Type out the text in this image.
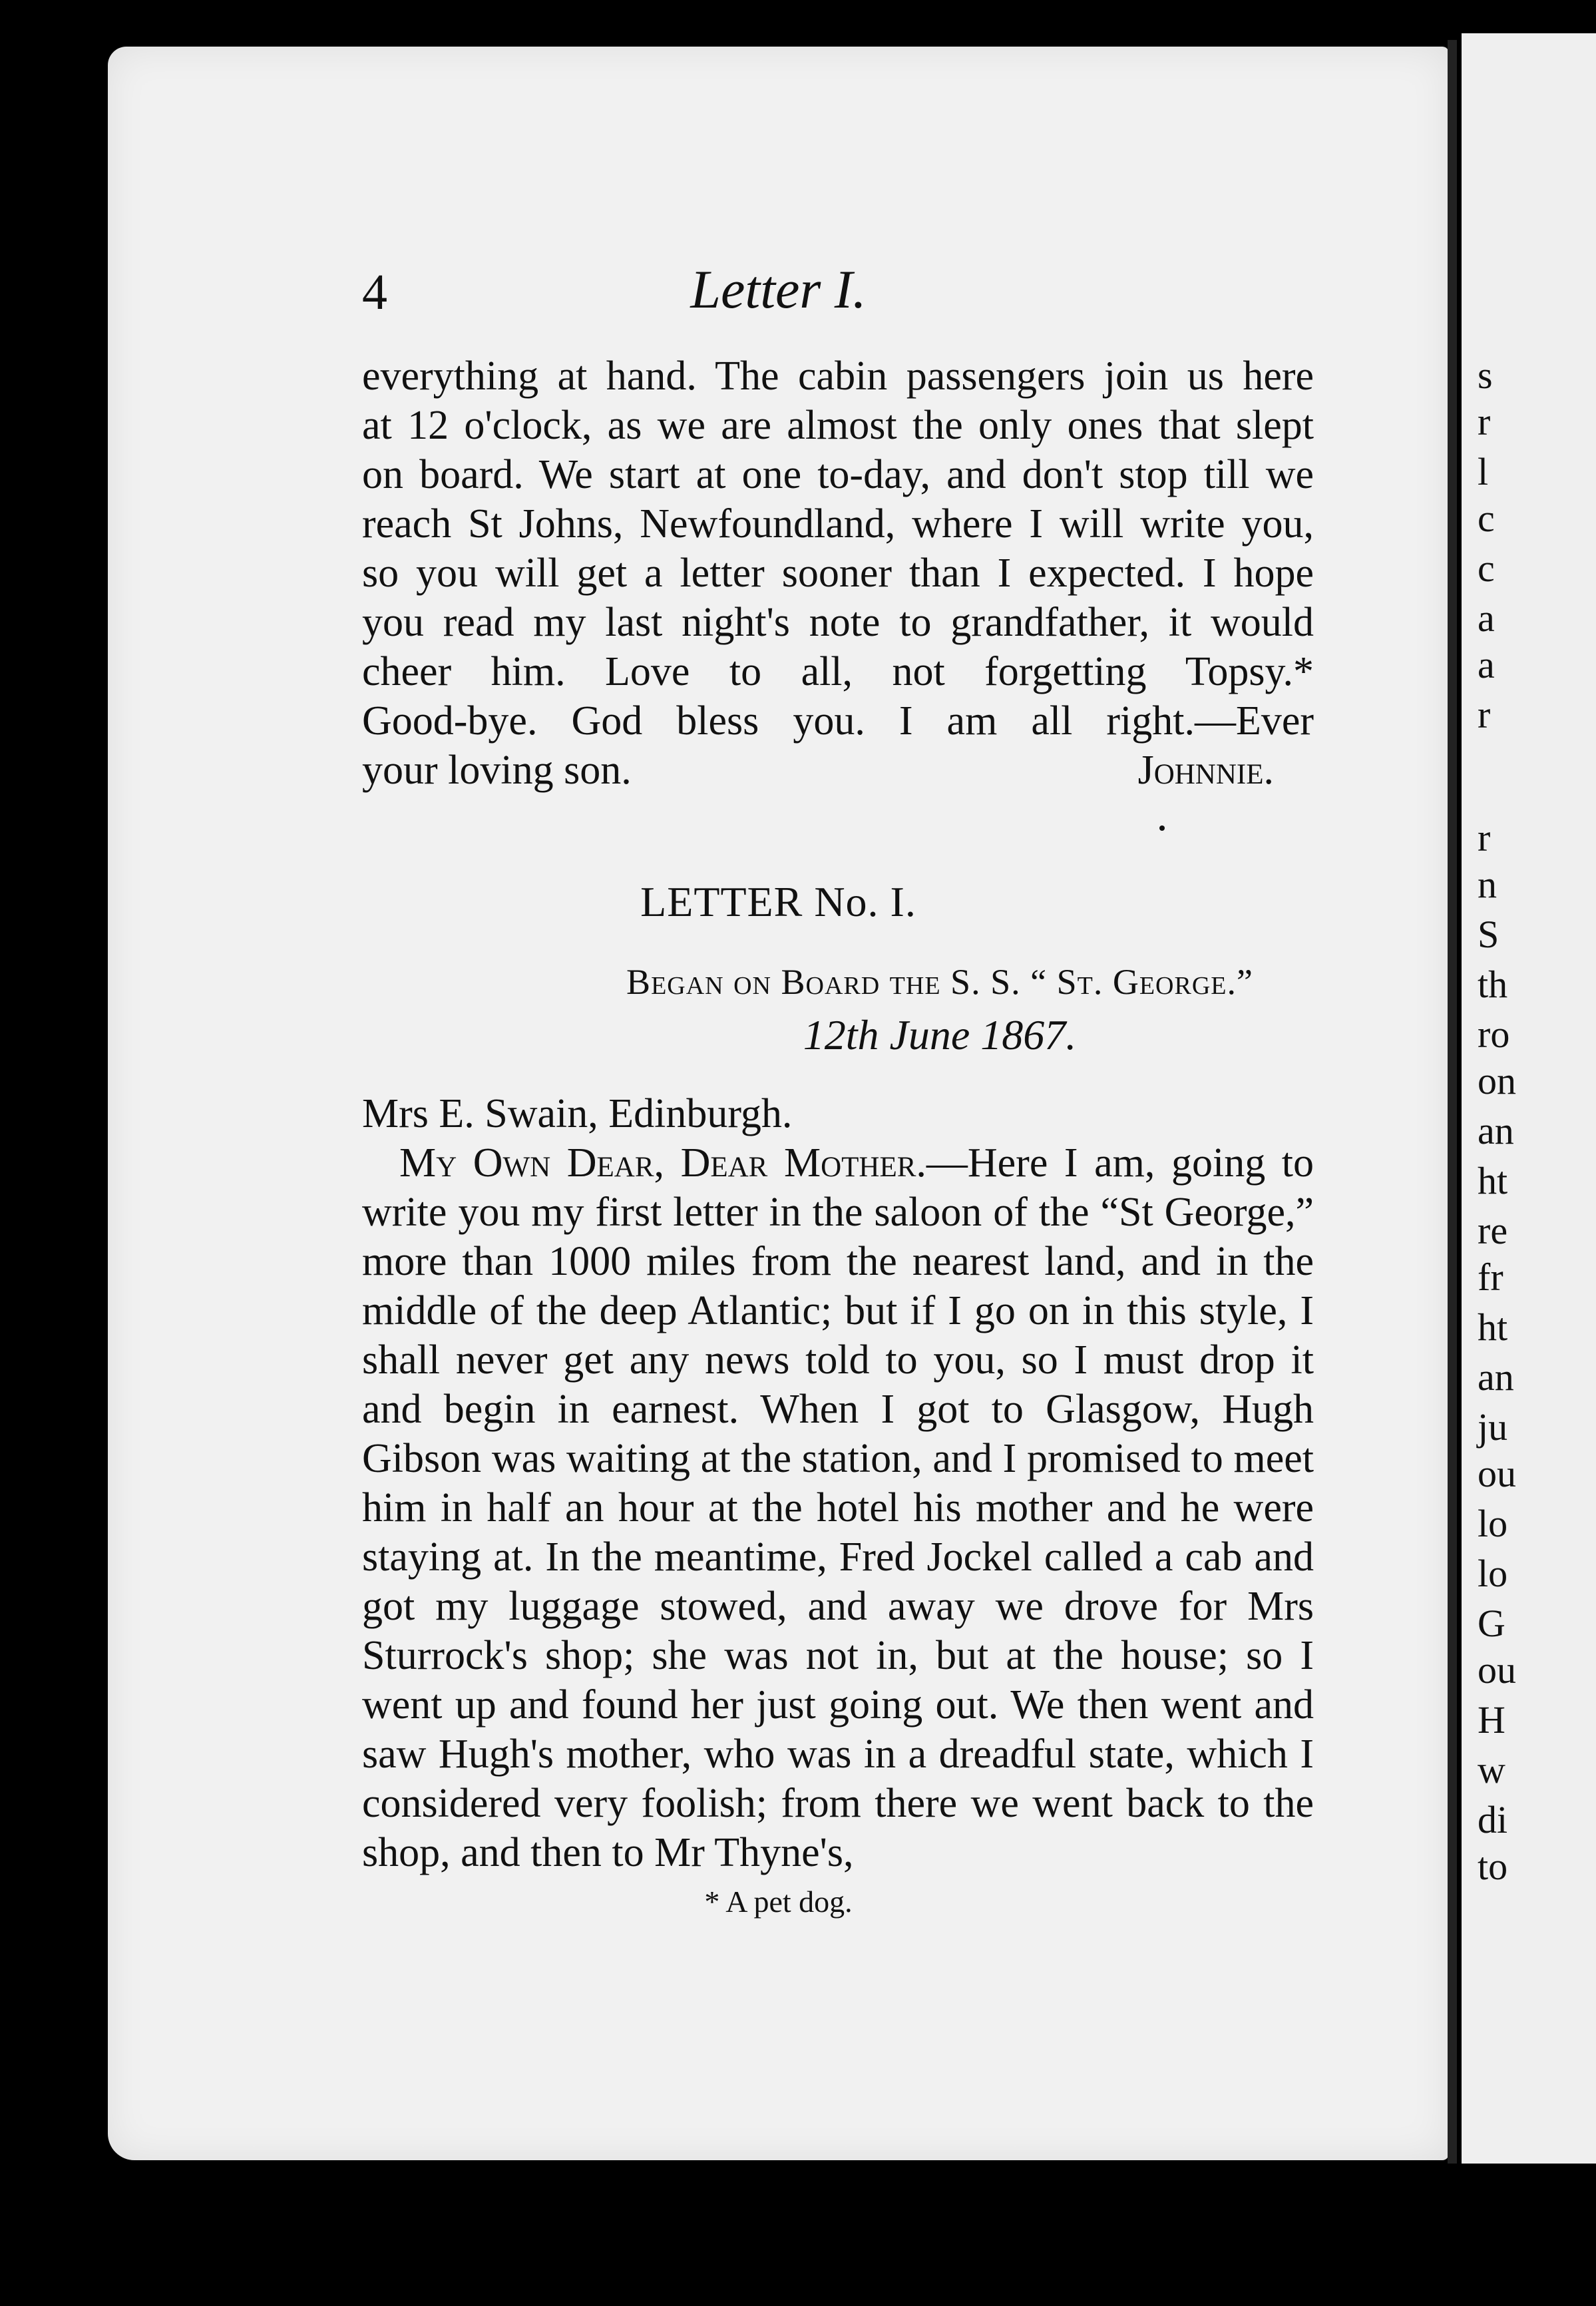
4	Letter I.

everything at hand. The cabin passengers join us here

at 12 o'clock, as we are almost the only ones that slept

on board. We start at one to-day, and don't stop till we

reach St Johns, Newfoundland, where I will write you,

so you will get a letter sooner than I expected. I hope

you read my last night's note to grandfather, it would

cheer him. Love to all, not forgetting Topsy.*

Good-bye. God bless you. I am all right.—Ever

your loving son.	Johnnie.

LETTER No. I.
Began on Board the S. S. “ St. George.”
12th June 1867.
Mrs E. Swain, Edinburgh.

My Own Dear, Dear Mother.—Here I am, going to write you my first letter in the saloon of the “St George,” more than 1000 miles from the nearest land, and in the middle of the deep Atlantic; but if I go on in this style, I shall never get any news told to you, so I must drop it and begin in earnest. When I got to Glasgow, Hugh Gibson was waiting at the station, and I promised to meet him in half an hour at the hotel his mother and he were staying at. In the meantime, Fred Jockel called a cab and got my luggage stowed, and away we drove for Mrs Sturrock's shop; she was not in, but at the house; so I went up and found her just going out. We then went and saw Hugh's mother, who was in a dreadful state, which I considered very foolish; from there we went back to the shop, and then to Mr Thyne's,

* A pet dog.
s
r
l
c
c
a
a
r
r
n
S
th
ro
on
an
ht
re
fr
ht
an
ju
ou
lo
lo
G
ou
H
w
di
to
